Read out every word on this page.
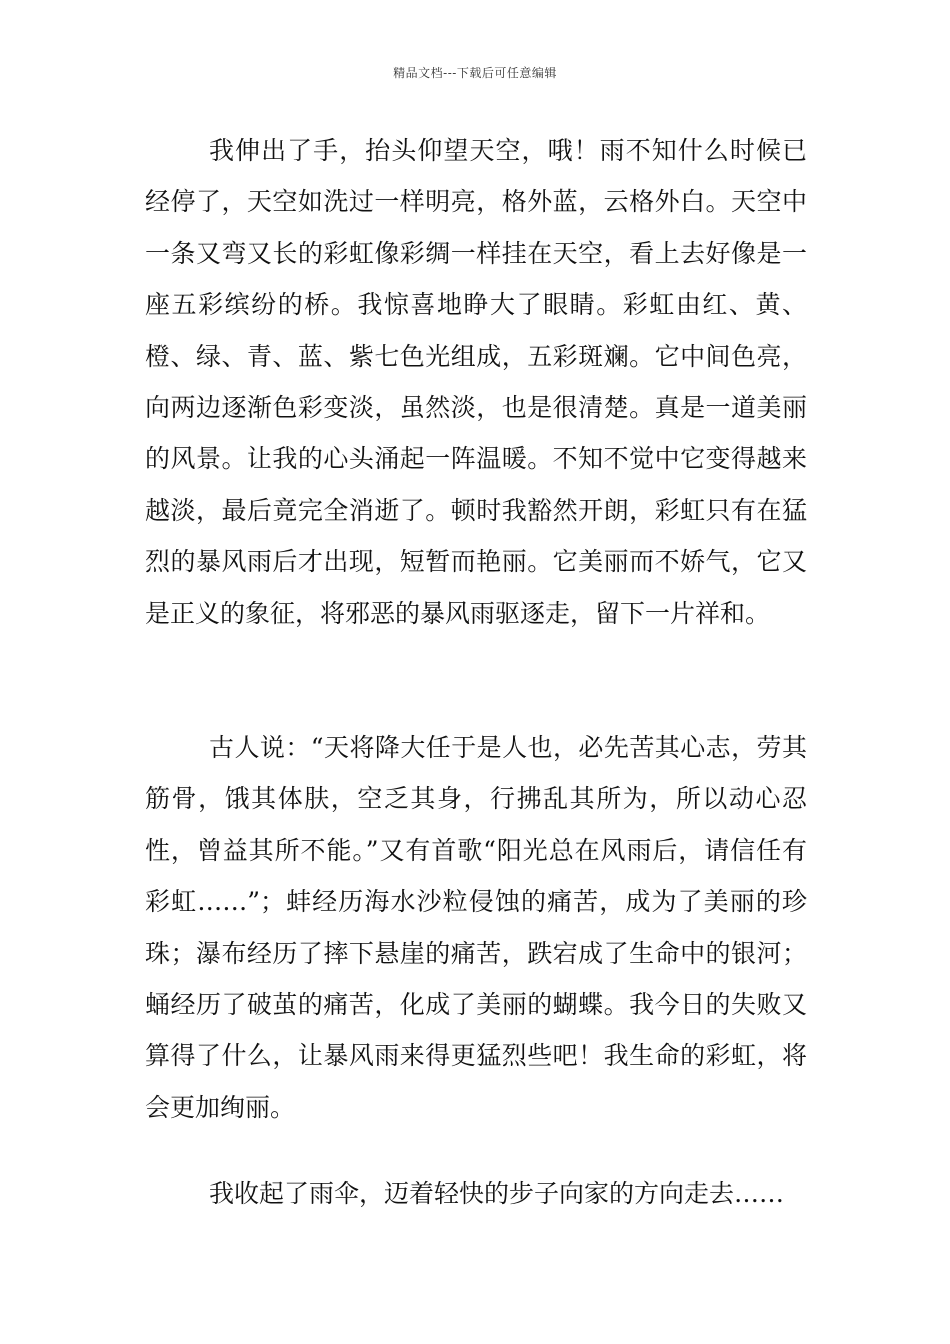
精品文档---下载后可任意编辑

我伸出了手，抬头仰望天空，哦！雨不知什么时候已经停了，天空如洗过一样明亮，格外蓝，云格外白。天空中一条又弯又长的彩虹像彩绸一样挂在天空，看上去好像是一座五彩缤纷的桥。我惊喜地睁大了眼睛。彩虹由红、黄、橙、绿、青、蓝、紫七色光组成，五彩斑斓。它中间色亮，向两边逐渐色彩变淡，虽然淡，也是很清楚。真是一道美丽的风景。让我的心头涌起一阵温暖。不知不觉中它变得越来越淡，最后竟完全消逝了。顿时我豁然开朗，彩虹只有在猛烈的暴风雨后才出现，短暂而艳丽。它美丽而不娇气，它又是正义的象征，将邪恶的暴风雨驱逐走，留下一片祥和。

古人说：“天将降大任于是人也，必先苦其心志，劳其筋骨，饿其体肤，空乏其身，行拂乱其所为，所以动心忍性，曾益其所不能。”又有首歌“阳光总在风雨后，请信任有彩虹……”；蚌经历海水沙粒侵蚀的痛苦，成为了美丽的珍珠；瀑布经历了摔下悬崖的痛苦，跌宕成了生命中的银河；蛹经历了破茧的痛苦，化成了美丽的蝴蝶。我今日的失败又算得了什么，让暴风雨来得更猛烈些吧！我生命的彩虹，将会更加绚丽。

我收起了雨伞，迈着轻快的步子向家的方向走去……
